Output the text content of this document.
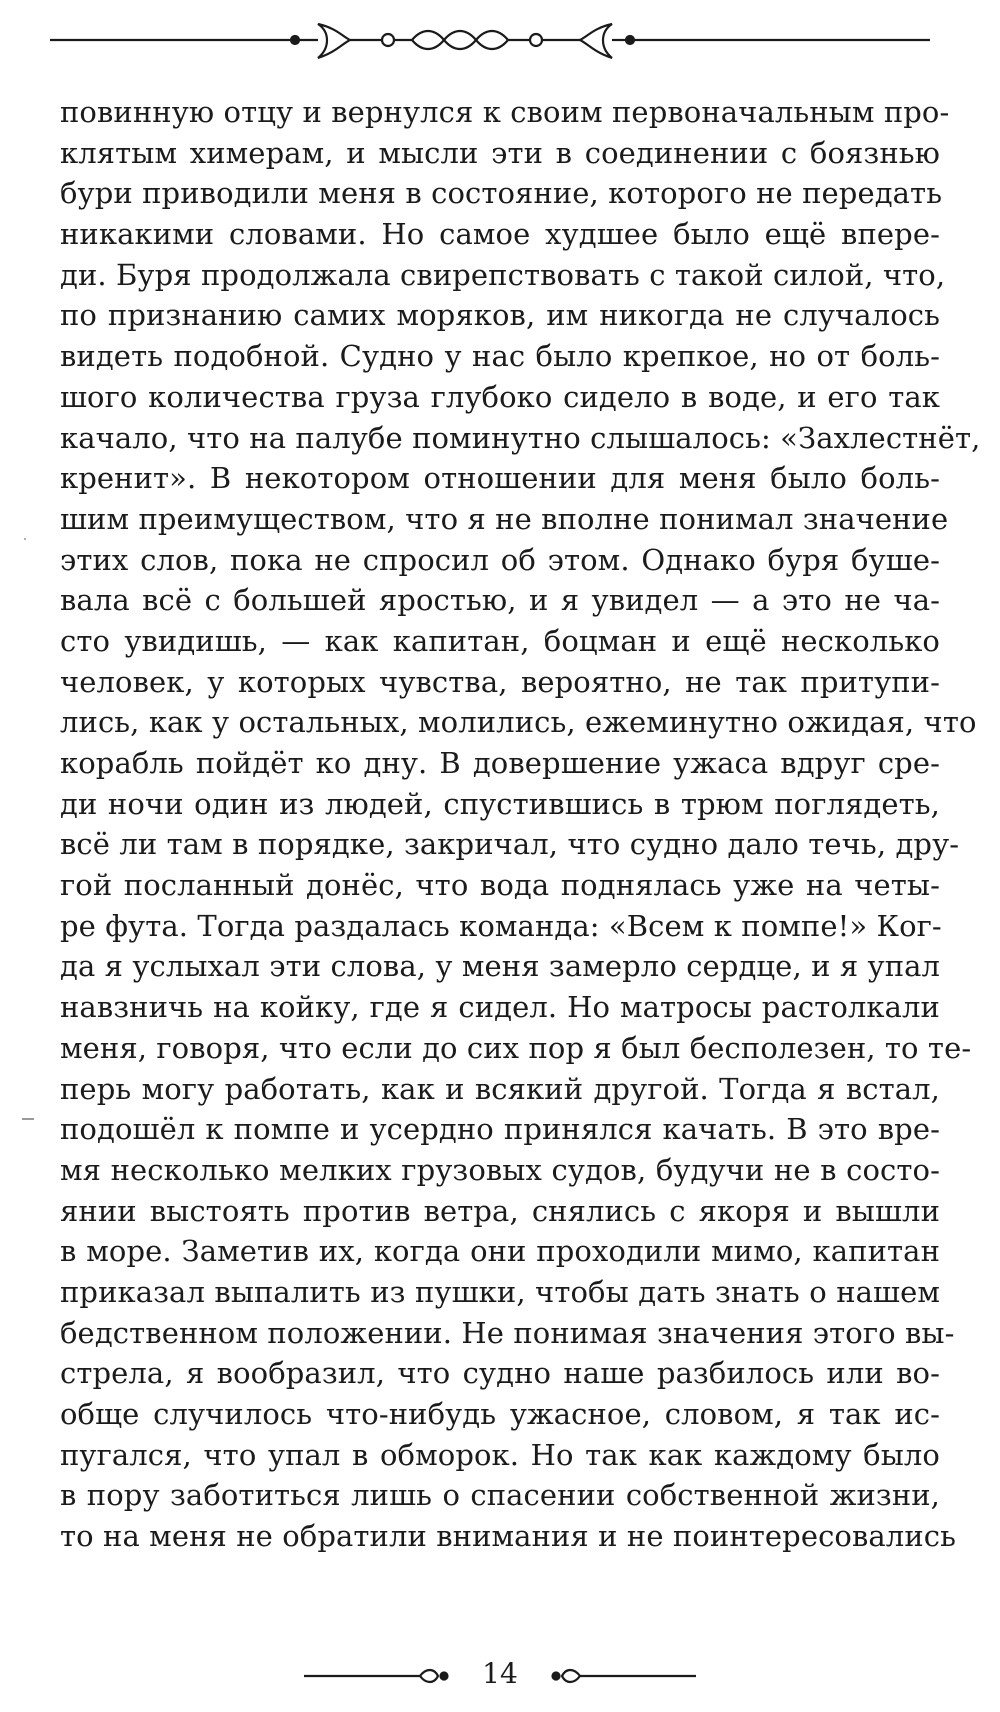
повинную отцу и вернулся к своим первоначальным про-
клятым химерам, и мысли эти в соединении с боязнью
бури приводили меня в состояние, которого не передать
никакими словами. Но самое худшее было ещё впере-
ди. Буря продолжала свирепствовать с такой силой, что,
по признанию самих моряков, им никогда не случалось
видеть подобной. Судно у нас было крепкое, но от боль-
шого количества груза глубоко сидело в воде, и его так
качало, что на палубе поминутно слышалось: «Захлестнёт,
кренит». В некотором отношении для меня было боль-
шим преимуществом, что я не вполне понимал значение
этих слов, пока не спросил об этом. Однако буря буше-
вала всё с большей яростью, и я увидел — а это не ча-
сто увидишь, — как капитан, боцман и ещё несколько
человек, у которых чувства, вероятно, не так притупи-
лись, как у остальных, молились, ежеминутно ожидая, что
корабль пойдёт ко дну. В довершение ужаса вдруг сре-
ди ночи один из людей, спустившись в трюм поглядеть,
всё ли там в порядке, закричал, что судно дало течь, дру-
гой посланный донёс, что вода поднялась уже на четы-
ре фута. Тогда раздалась команда: «Всем к помпе!» Ког-
да я услыхал эти слова, у меня замерло сердце, и я упал
навзничь на койку, где я сидел. Но матросы растолкали
меня, говоря, что если до сих пор я был бесполезен, то те-
перь могу работать, как и всякий другой. Тогда я встал,
подошёл к помпе и усердно принялся качать. В это вре-
мя несколько мелких грузовых судов, будучи не в состо-
янии выстоять против ветра, снялись с якоря и вышли
в море. Заметив их, когда они проходили мимо, капитан
приказал выпалить из пушки, чтобы дать знать о нашем
бедственном положении. Не понимая значения этого вы-
стрела, я вообразил, что судно наше разбилось или во-
обще случилось что-нибудь ужасное, словом, я так ис-
пугался, что упал в обморок. Но так как каждому было
в пору заботиться лишь о спасении собственной жизни,
то на меня не обратили внимания и не поинтересовались
14
